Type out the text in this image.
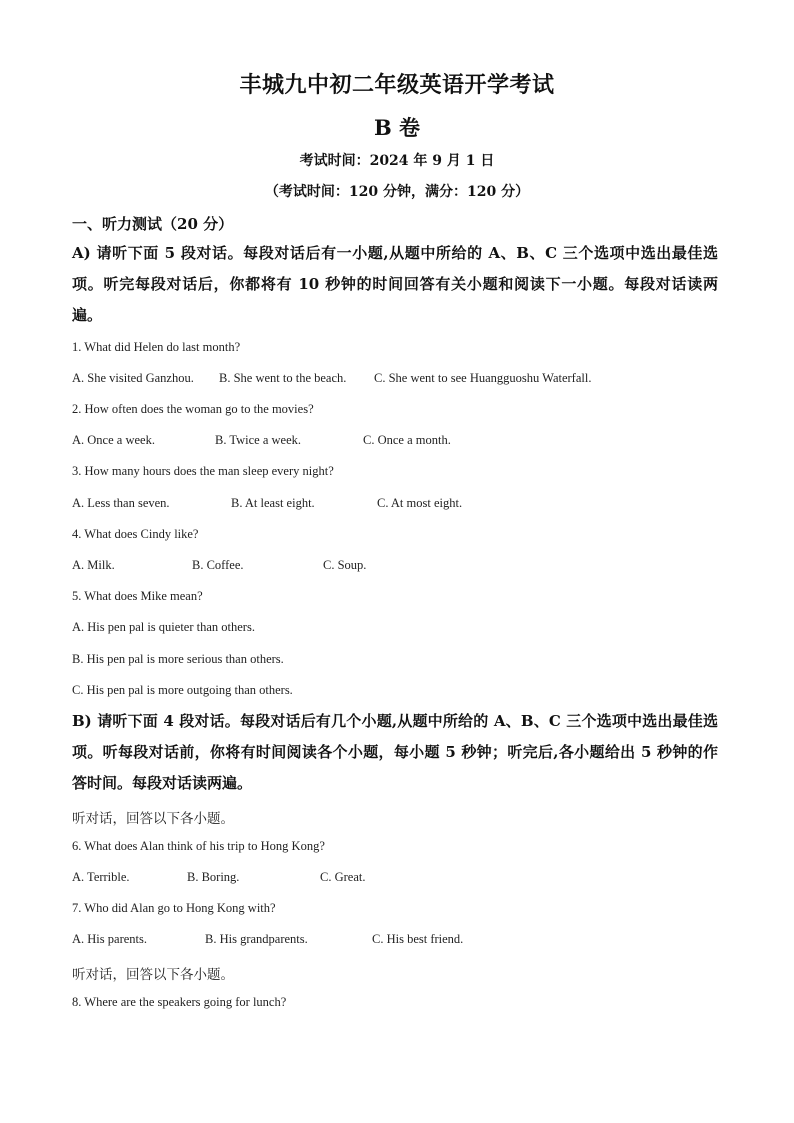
丰城九中初二年级英语开学考试
B 卷
考试时间：2024 年 9 月 1 日
（考试时间：120 分钟，满分：120 分）
一、听力测试（20 分）
A) 请听下面 5 段对话。每段对话后有一小题,从题中所给的 A、B、C 三个选项中选出最佳选项。听完每段对话后，你都将有 10 秒钟的时间回答有关小题和阅读下一小题。每段对话读两遍。
1. What did Helen do last month?
A. She visited Ganzhou. B. She went to the beach. C. She went to see Huangguoshu Waterfall.
2. How often does the woman go to the movies?
A. Once a week.	B. Twice a week.	C. Once a month.
3. How many hours does the man sleep every night?
A. Less than seven.	B. At least eight.	C. At most eight.
4. What does Cindy like?
A. Milk.	B. Coffee.	C. Soup.
5. What does Mike mean?
A. His pen pal is quieter than others.
B. His pen pal is more serious than others.
C. His pen pal is more outgoing than others.
B) 请听下面 4 段对话。每段对话后有几个小题,从题中所给的 A、B、C 三个选项中选出最佳选项。听每段对话前，你将有时间阅读各个小题，每小题 5 秒钟；听完后,各小题给出 5 秒钟的作答时间。每段对话读两遍。
听对话，回答以下各小题。
6. What does Alan think of his trip to Hong Kong?
A. Terrible.	B. Boring.	C. Great.
7. Who did Alan go to Hong Kong with?
A. His parents.	B. His grandparents.	C. His best friend.
听对话，回答以下各小题。
8. Where are the speakers going for lunch?
